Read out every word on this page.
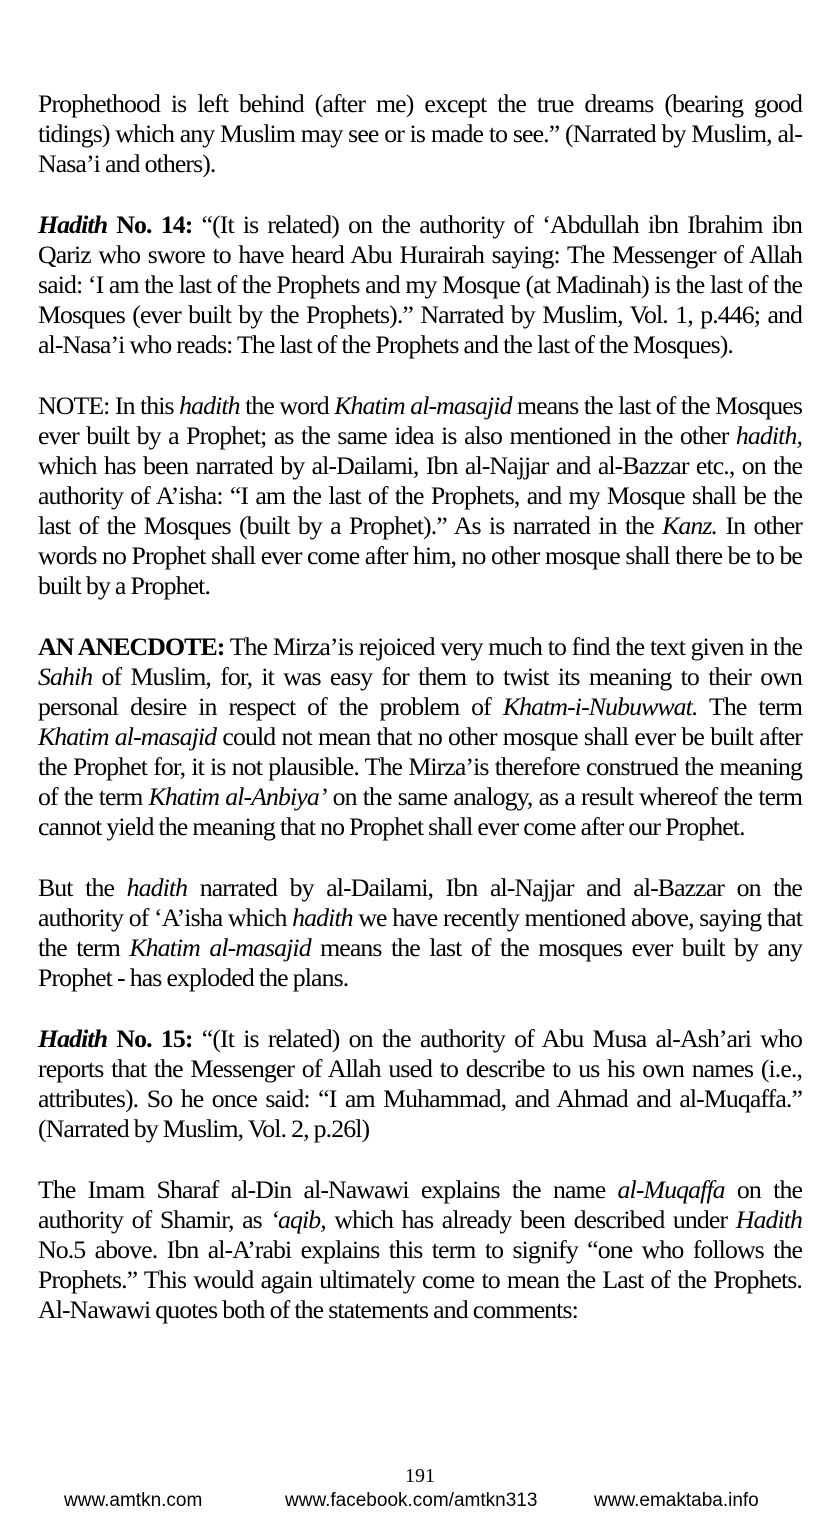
Prophethood is left behind (after me) except the true dreams (bearing good tidings) which any Muslim may see or is made to see.” (Narrated by Muslim, al-Nasa’i and others).

Hadith No. 14: “(It is related) on the authority of ‘Abdullah ibn Ibrahim ibn Qariz who swore to have heard Abu Hurairah saying: The Messenger of Allah said: ‘I am the last of the Prophets and my Mosque (at Madinah) is the last of the Mosques (ever built by the Prophets).” Narrated by Muslim, Vol. 1, p.446; and al-Nasa’i who reads: The last of the Prophets and the last of the Mosques).

NOTE: In this hadith the word Khatim al-masajid means the last of the Mosques ever built by a Prophet; as the same idea is also mentioned in the other hadith, which has been narrated by al-Dailami, Ibn al-Najjar and al-Bazzar etc., on the authority of A’isha: “I am the last of the Prophets, and my Mosque shall be the last of the Mosques (built by a Prophet).” As is narrated in the Kanz. In other words no Prophet shall ever come after him, no other mosque shall there be to be built by a Prophet.

AN ANECDOTE: The Mirza’is rejoiced very much to find the text given in the Sahih of Muslim, for, it was easy for them to twist its meaning to their own personal desire in respect of the problem of Khatm-i-Nubuwwat. The term Khatim al-masajid could not mean that no other mosque shall ever be built after the Prophet for, it is not plausible. The Mirza’is therefore construed the meaning of the term Khatim al-Anbiya’ on the same analogy, as a result whereof the term cannot yield the meaning that no Prophet shall ever come after our Prophet.

But the hadith narrated by al-Dailami, Ibn al-Najjar and al-Bazzar on the authority of ‘A’isha which hadith we have recently mentioned above, saying that the term Khatim al-masajid means the last of the mosques ever built by any Prophet - has exploded the plans.

Hadith No. 15: “(It is related) on the authority of Abu Musa al-Ash’ari who reports that the Messenger of Allah used to describe to us his own names (i.e., attributes). So he once said: “I am Muhammad, and Ahmad and al-Muqaffa.” (Narrated by Muslim, Vol. 2, p.26l)

The Imam Sharaf al-Din al-Nawawi explains the name al-Muqaffa on the authority of Shamir, as ‘aqib, which has already been described under Hadith No.5 above. Ibn al-A’rabi explains this term to signify “one who follows the Prophets.” This would again ultimately come to mean the Last of the Prophets. Al-Nawawi quotes both of the statements and comments:

191
www.amtkn.com	www.facebook.com/amtkn313	www.emaktaba.info
